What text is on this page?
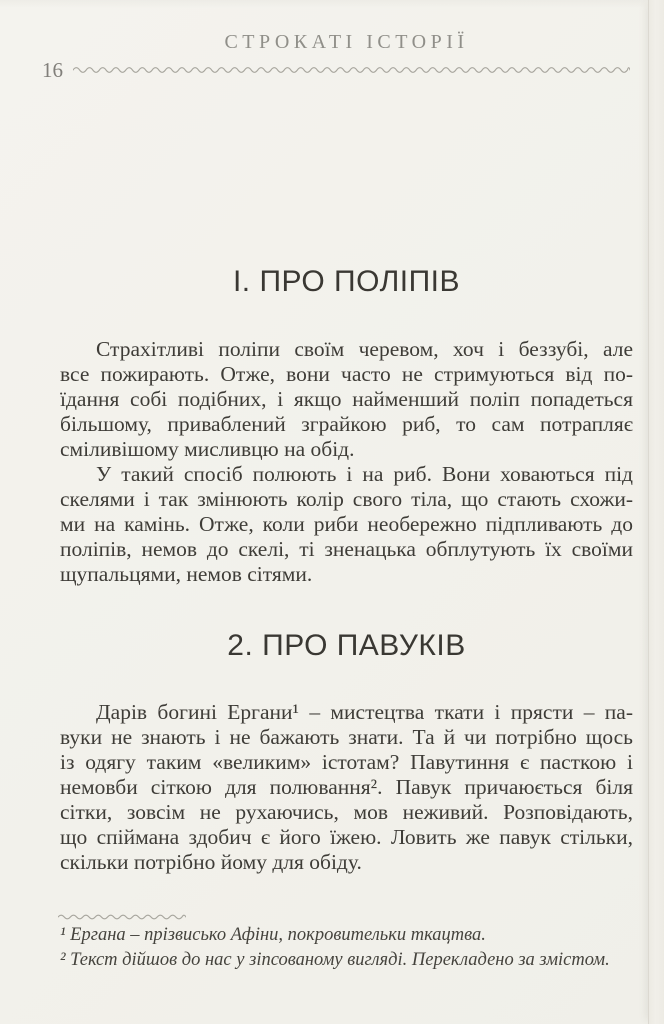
СТРОКАТІ ІСТОРІЇ
16
І. ПРО ПОЛІПІВ
Страхітливі поліпи своїм черевом, хоч і беззубі, але
все пожирають. Отже, вони часто не стримуються від по-
їдання собі подібних, і якщо найменший поліп попадеться
більшому, приваблений зграйкою риб, то сам потрапляє
сміливішому мисливцю на обід.
У такий спосіб полюють і на риб. Вони ховаються під
скелями і так змінюють колір свого тіла, що стають схожи-
ми на камінь. Отже, коли риби необережно підпливають до
поліпів, немов до скелі, ті зненацька обплутують їх своїми
щупальцями, немов сітями.
2. ПРО ПАВУКІВ
Дарів богині Ергани¹ – мистецтва ткати і прясти – па-
вуки не знають і не бажають знати. Та й чи потрібно щось
із одягу таким «великим» істотам? Павутиння є пасткою і
немовби сіткою для полювання². Павук причаюється біля
сітки, зовсім не рухаючись, мов неживий. Розповідають,
що спіймана здобич є його їжею. Ловить же павук стільки,
скільки потрібно йому для обіду.
¹ Ергана – прізвисько Афіни, покровительки ткацтва.
² Текст дійшов до нас у зіпсованому вигляді. Перекладено за змістом.
